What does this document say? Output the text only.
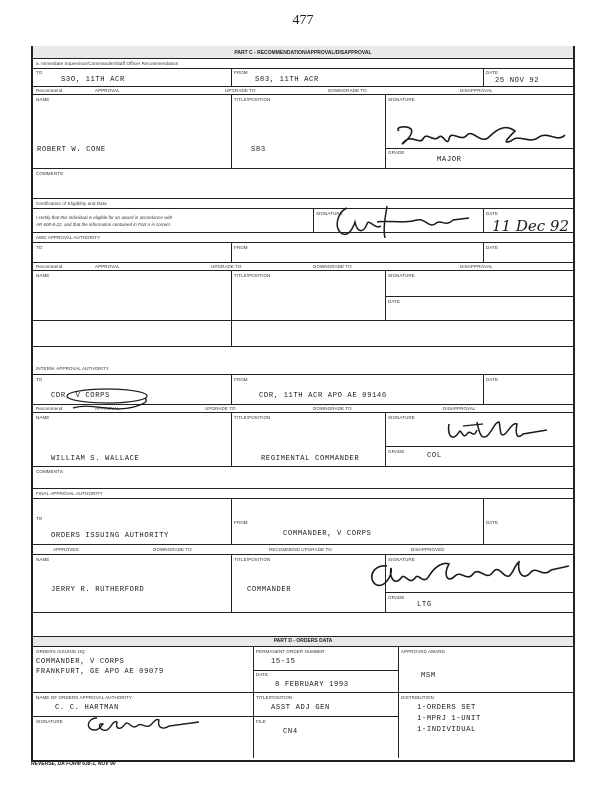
477
PART C - RECOMMENDATION/APPROVAL/DISAPPROVAL
a. Immediate Supervisor/Commander/Staff Officer Recommendation
TO
S3O, 11TH ACR
FROM
S83, 11TH ACR
DATE
25 NOV 92
Recommend	APPROVAL	UPGRADE TO	DOWNGRADE TO	DISAPPROVAL
NAME
ROBERT W. CONE
TITLE/POSITION
S83
SIGNATURE
GRADE
MAJOR
COMMENTS
Certification of Eligibility and Data
I certify that this individual is eligible for an award in accordance with
AR 600-8-22, and that the information contained in Part A is correct.
SIGNATURE	DATE
11 Dec 92
AWD APPROVAL AUTHORITY
TO	FROM	DATE
Recommend	APPROVAL	UPGRADE TO	DOWNGRADE TO	DISAPPROVAL
NAME	TITLE/POSITION	SIGNATURE
DATE
INTERM. APPROVAL AUTHORITY
TO
CDR, V CORPS
FROM
CDR, 11TH ACR APO AE 09146
DATE
Recommend	APPROVAL	UPGRADE TO	DOWNGRADE TO	DISAPPROVAL
NAME
WILLIAM S. WALLACE
TITLE/POSITION
REGIMENTAL COMMANDER
SIGNATURE
GRADE
COL
COMMENTS
FINAL APPROVAL AUTHORITY
TO
ORDERS ISSUING AUTHORITY
FROM
COMMANDER, V CORPS
DATE
APPROVED	DOWNGRADE TO	RECOMMEND UPGRADE TO	DISAPPROVED
NAME
JERRY R. RUTHERFORD
TITLE/POSITION
COMMANDER
SIGNATURE
GRADE
LTG
PART D - ORDERS DATA
ORDERS ISSUING HQ
COMMANDER, V CORPS
FRANKFURT, GE APO AE 09079
PERMANENT ORDER NUMBER
15-15
DATE
8 FEBRUARY 1993
APPROVED AWARD
MSM
NAME OF ORDERS APPROVAL AUTHORITY
C. C. HARTMAN
TITLE/POSITION
ASST ADJ GEN
DISTRIBUTION
1-ORDERS SET
1-MPRJ 1-UNIT
1-INDIVIDUAL
SIGNATURE	FILE
CN4
REVERSE, DA FORM 638-1, NOV 90
